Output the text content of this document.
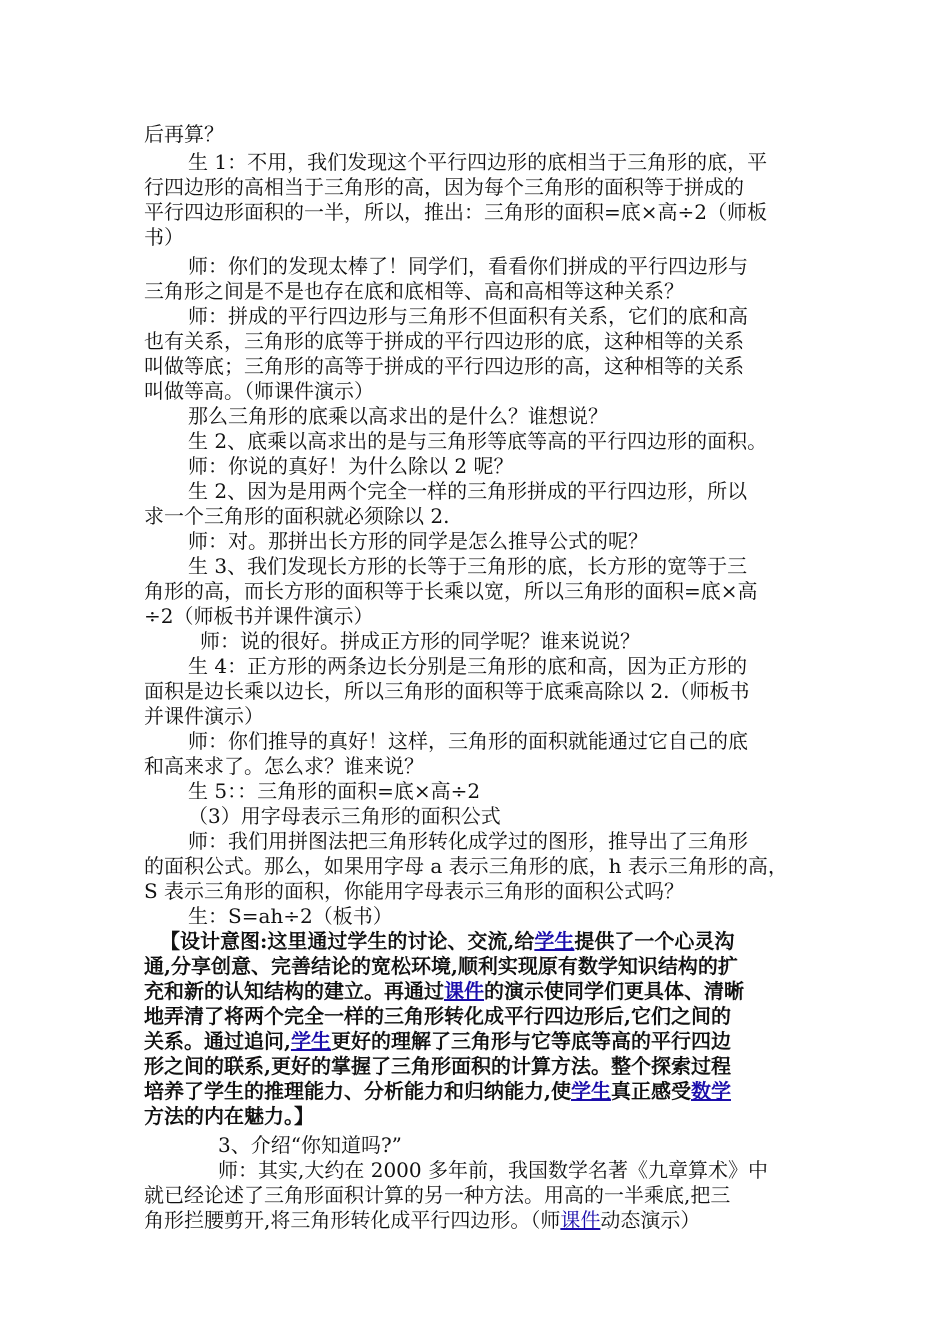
后再算？
生 1：不用，我们发现这个平行四边形的底相当于三角形的底，平
行四边形的高相当于三角形的高，因为每个三角形的面积等于拼成的
平行四边形面积的一半，所以，推出：三角形的面积=底×高÷2（师板
书）
师：你们的发现太棒了！同学们，看看你们拼成的平行四边形与
三角形之间是不是也存在底和底相等、高和高相等这种关系？
师：拼成的平行四边形与三角形不但面积有关系，它们的底和高
也有关系，三角形的底等于拼成的平行四边形的底，这种相等的关系
叫做等底；三角形的高等于拼成的平行四边形的高，这种相等的关系
叫做等高。（师课件演示）
那么三角形的底乘以高求出的是什么？谁想说？
生 2、底乘以高求出的是与三角形等底等高的平行四边形的面积。
师：你说的真好！为什么除以 2 呢？
生 2、因为是用两个完全一样的三角形拼成的平行四边形，所以
求一个三角形的面积就必须除以 2.
师：对。那拼出长方形的同学是怎么推导公式的呢？
生 3、我们发现长方形的长等于三角形的底，长方形的宽等于三
角形的高，而长方形的面积等于长乘以宽，所以三角形的面积=底×高
÷2（师板书并课件演示）
师：说的很好。拼成正方形的同学呢？谁来说说？
生 4：正方形的两条边长分别是三角形的底和高，因为正方形的
面积是边长乘以边长，所以三角形的面积等于底乘高除以 2.（师板书
并课件演示）
师：你们推导的真好！这样，三角形的面积就能通过它自己的底
和高来求了。怎么求？谁来说？
生 5：：三角形的面积=底×高÷2
（3）用字母表示三角形的面积公式
师：我们用拼图法把三角形转化成学过的图形，推导出了三角形
的面积公式。那么，如果用字母 a 表示三角形的底，h 表示三角形的高，
S 表示三角形的面积，你能用字母表示三角形的面积公式吗？
生：S=ah÷2（板书）
【设计意图:这里通过学生的讨论、交流,给学生提供了一个心灵沟
通,分享创意、完善结论的宽松环境,顺利实现原有数学知识结构的扩
充和新的认知结构的建立。再通过课件的演示使同学们更具体、清晰
地弄清了将两个完全一样的三角形转化成平行四边形后,它们之间的
关系。通过追问,学生更好的理解了三角形与它等底等高的平行四边
形之间的联系,更好的掌握了三角形面积的计算方法。整个探索过程
培养了学生的推理能力、分析能力和归纳能力,使学生真正感受数学
方法的内在魅力。】
3、介绍“你知道吗?”
师：其实,大约在 2000 多年前，我国数学名著《九章算术》中
就已经论述了三角形面积计算的另一种方法。用高的一半乘底,把三
角形拦腰剪开,将三角形转化成平行四边形。（师课件动态演示）
